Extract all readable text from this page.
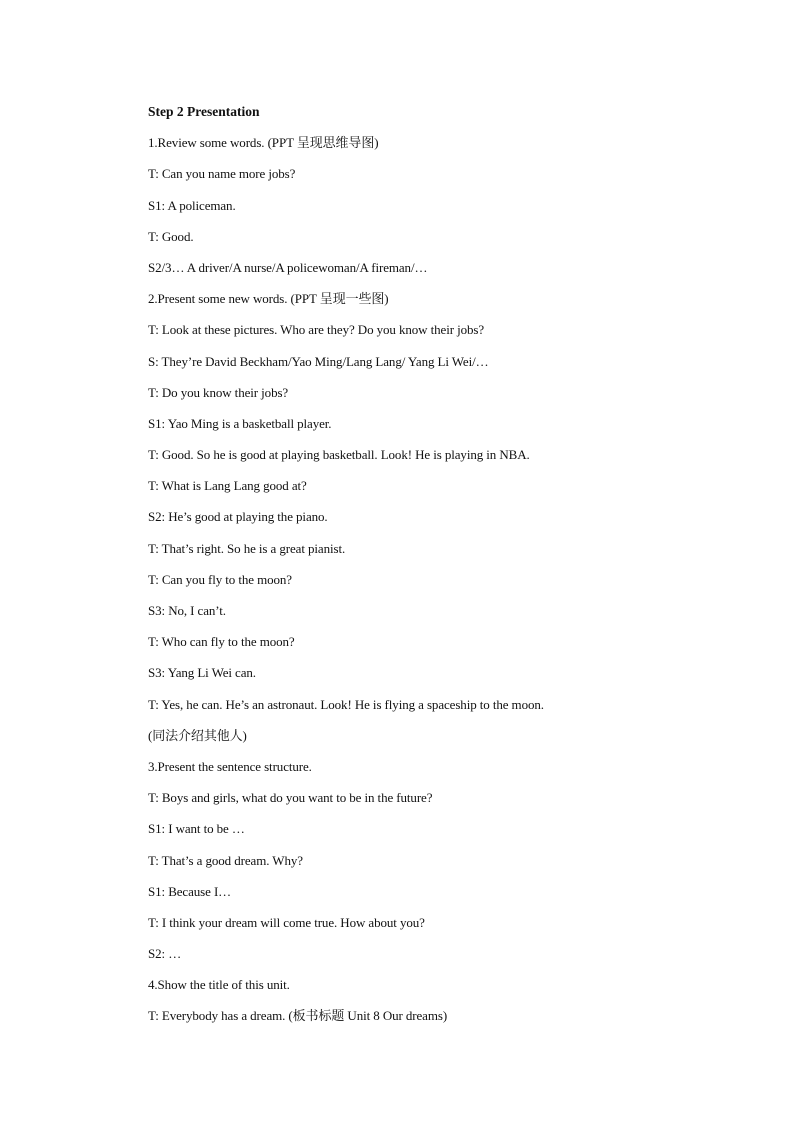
Step 2 Presentation
1.Review some words. (PPT 呈现思维导图)
T: Can you name more jobs?
S1: A policeman.
T: Good.
S2/3… A driver/A nurse/A policewoman/A fireman/…
2.Present some new words. (PPT 呈现一些图)
T: Look at these pictures. Who are they? Do you know their jobs?
S: They’re David Beckham/Yao Ming/Lang Lang/ Yang Li Wei/…
T: Do you know their jobs?
S1: Yao Ming is a basketball player.
T: Good. So he is good at playing basketball. Look! He is playing in NBA.
T: What is Lang Lang good at?
S2: He’s good at playing the piano.
T: That’s right. So he is a great pianist.
T: Can you fly to the moon?
S3: No, I can’t.
T: Who can fly to the moon?
S3: Yang Li Wei can.
T: Yes, he can. He’s an astronaut. Look! He is flying a spaceship to the moon.
(同法介绍其他人)
3.Present the sentence structure.
T: Boys and girls, what do you want to be in the future?
S1: I want to be …
T: That’s a good dream. Why?
S1: Because I…
T: I think your dream will come true. How about you?
S2: …
4.Show the title of this unit.
T: Everybody has a dream. (板书标题 Unit 8 Our dreams)
